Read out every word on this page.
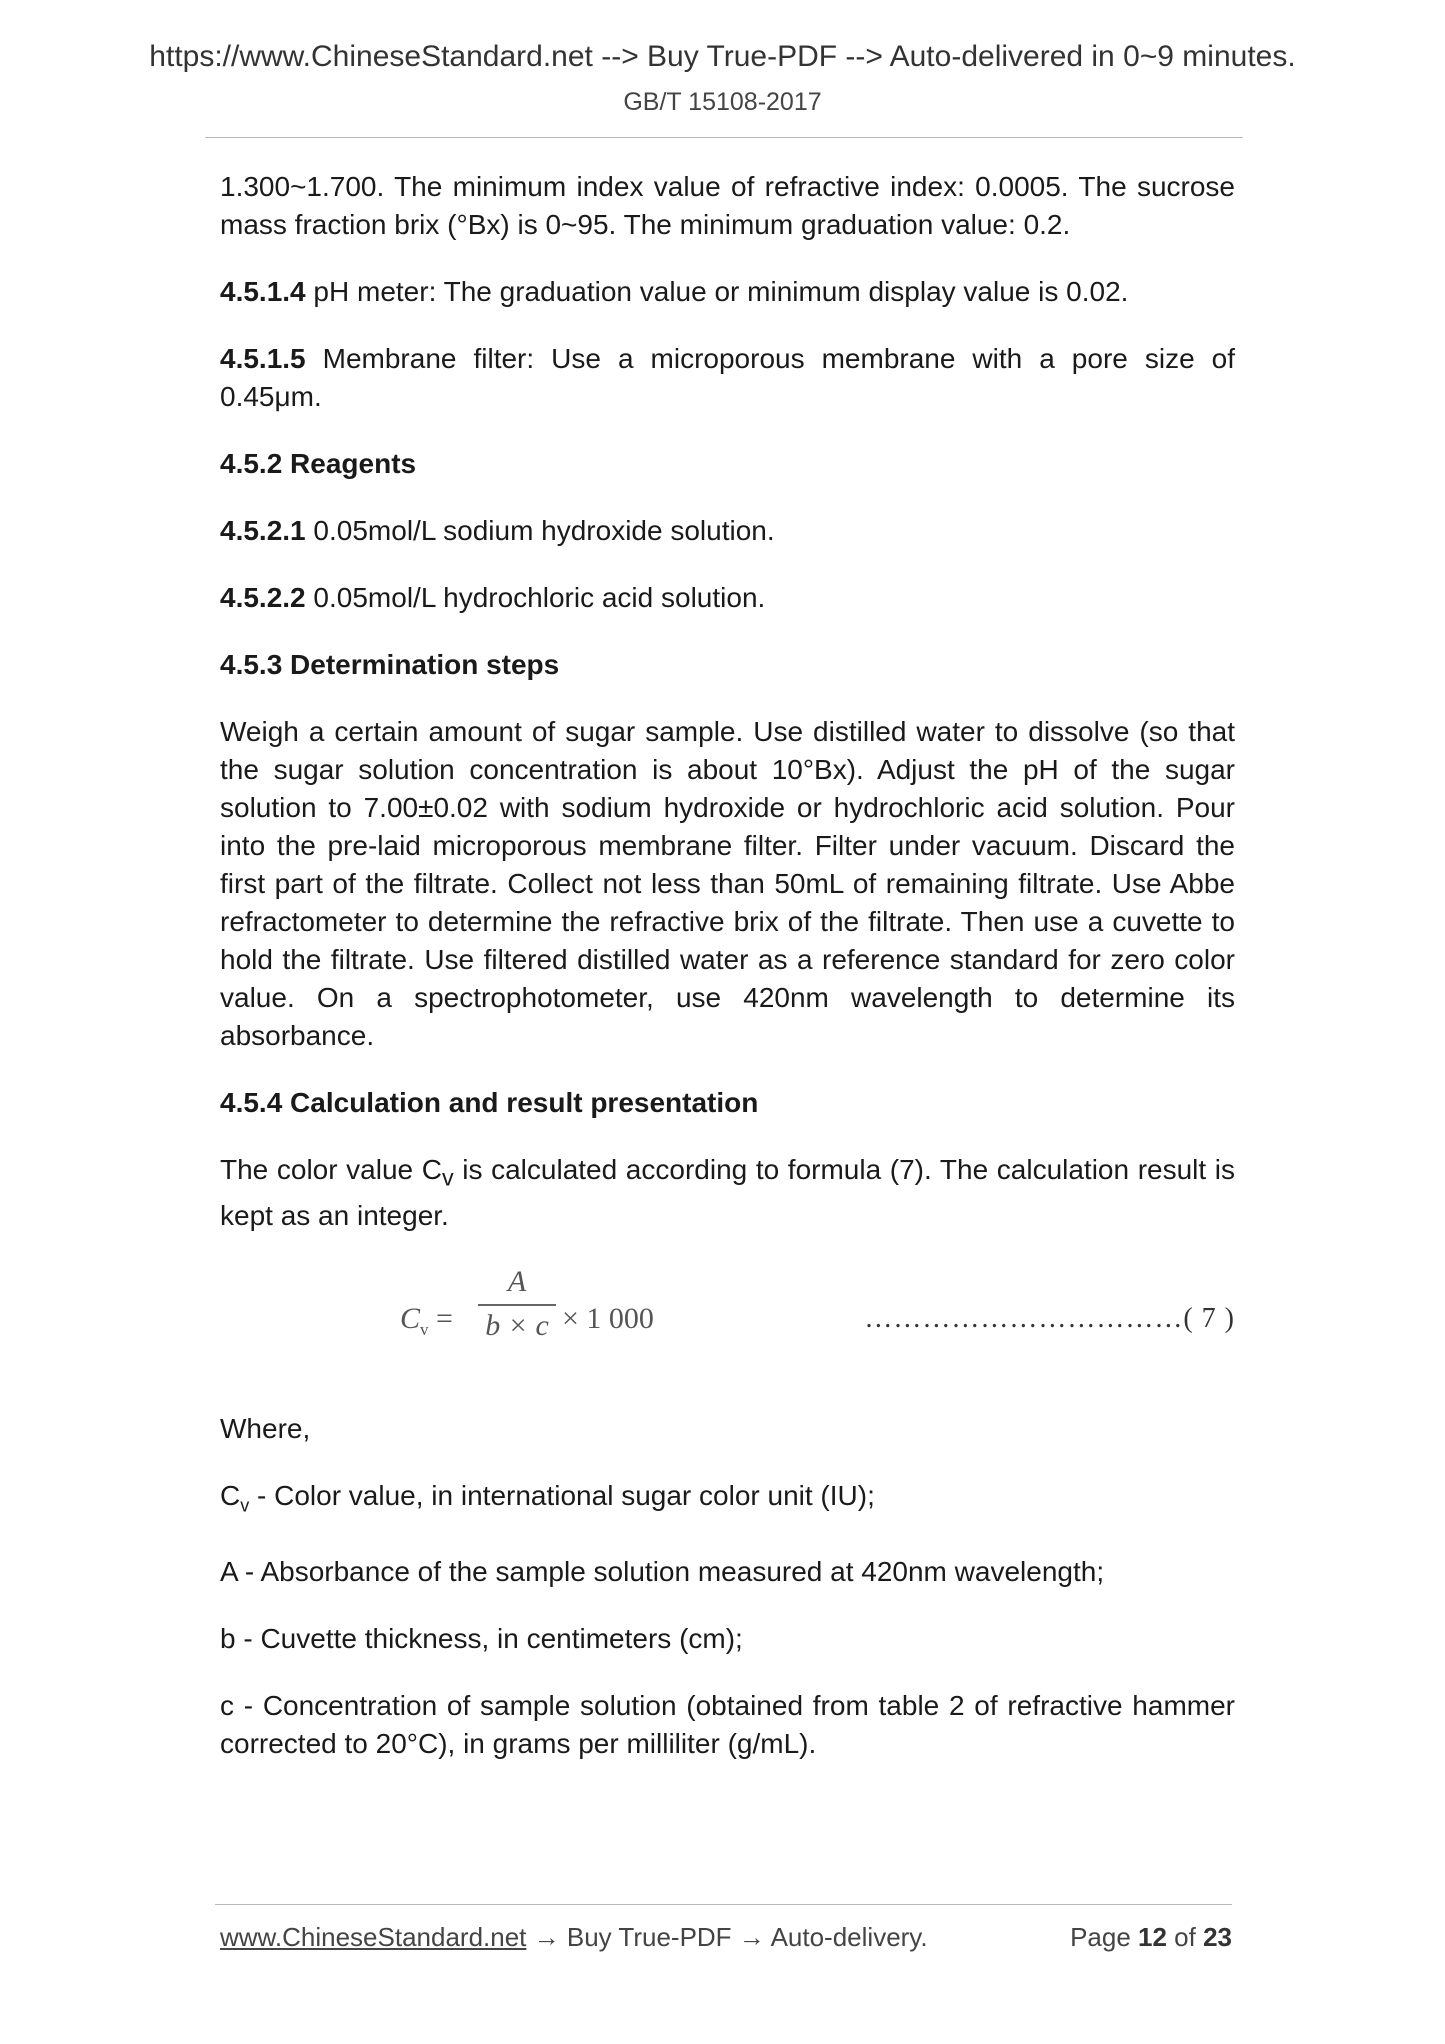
https://www.ChineseStandard.net --> Buy True-PDF --> Auto-delivered in 0~9 minutes.
GB/T 15108-2017

1.300~1.700. The minimum index value of refractive index: 0.0005. The sucrose mass fraction brix (°Bx) is 0~95. The minimum graduation value: 0.2.

4.5.1.4 pH meter: The graduation value or minimum display value is 0.02.

4.5.1.5 Membrane filter: Use a microporous membrane with a pore size of 0.45μm.

4.5.2 Reagents

4.5.2.1 0.05mol/L sodium hydroxide solution.

4.5.2.2 0.05mol/L hydrochloric acid solution.

4.5.3 Determination steps

Weigh a certain amount of sugar sample. Use distilled water to dissolve (so that the sugar solution concentration is about 10°Bx). Adjust the pH of the sugar solution to 7.00±0.02 with sodium hydroxide or hydrochloric acid solution. Pour into the pre-laid microporous membrane filter. Filter under vacuum. Discard the first part of the filtrate. Collect not less than 50mL of remaining filtrate. Use Abbe refractometer to determine the refractive brix of the filtrate. Then use a cuvette to hold the filtrate. Use filtered distilled water as a reference standard for zero color value. On a spectrophotometer, use 420nm wavelength to determine its absorbance.

4.5.4 Calculation and result presentation

The color value $C_v$ is calculated according to formula (7). The calculation result is kept as an integer.

$C_v$ =
A
b × c × 1 000	……………………………( 7 )

Where,

$C_v$ - Color value, in international sugar color unit (IU);

A - Absorbance of the sample solution measured at 420nm wavelength;

b - Cuvette thickness, in centimeters (cm);

c - Concentration of sample solution (obtained from table 2 of refractive hammer corrected to 20°C), in grams per milliliter (g/mL).

www.ChineseStandard.net → Buy True-PDF → Auto-delivery.	Page 12 of 23
